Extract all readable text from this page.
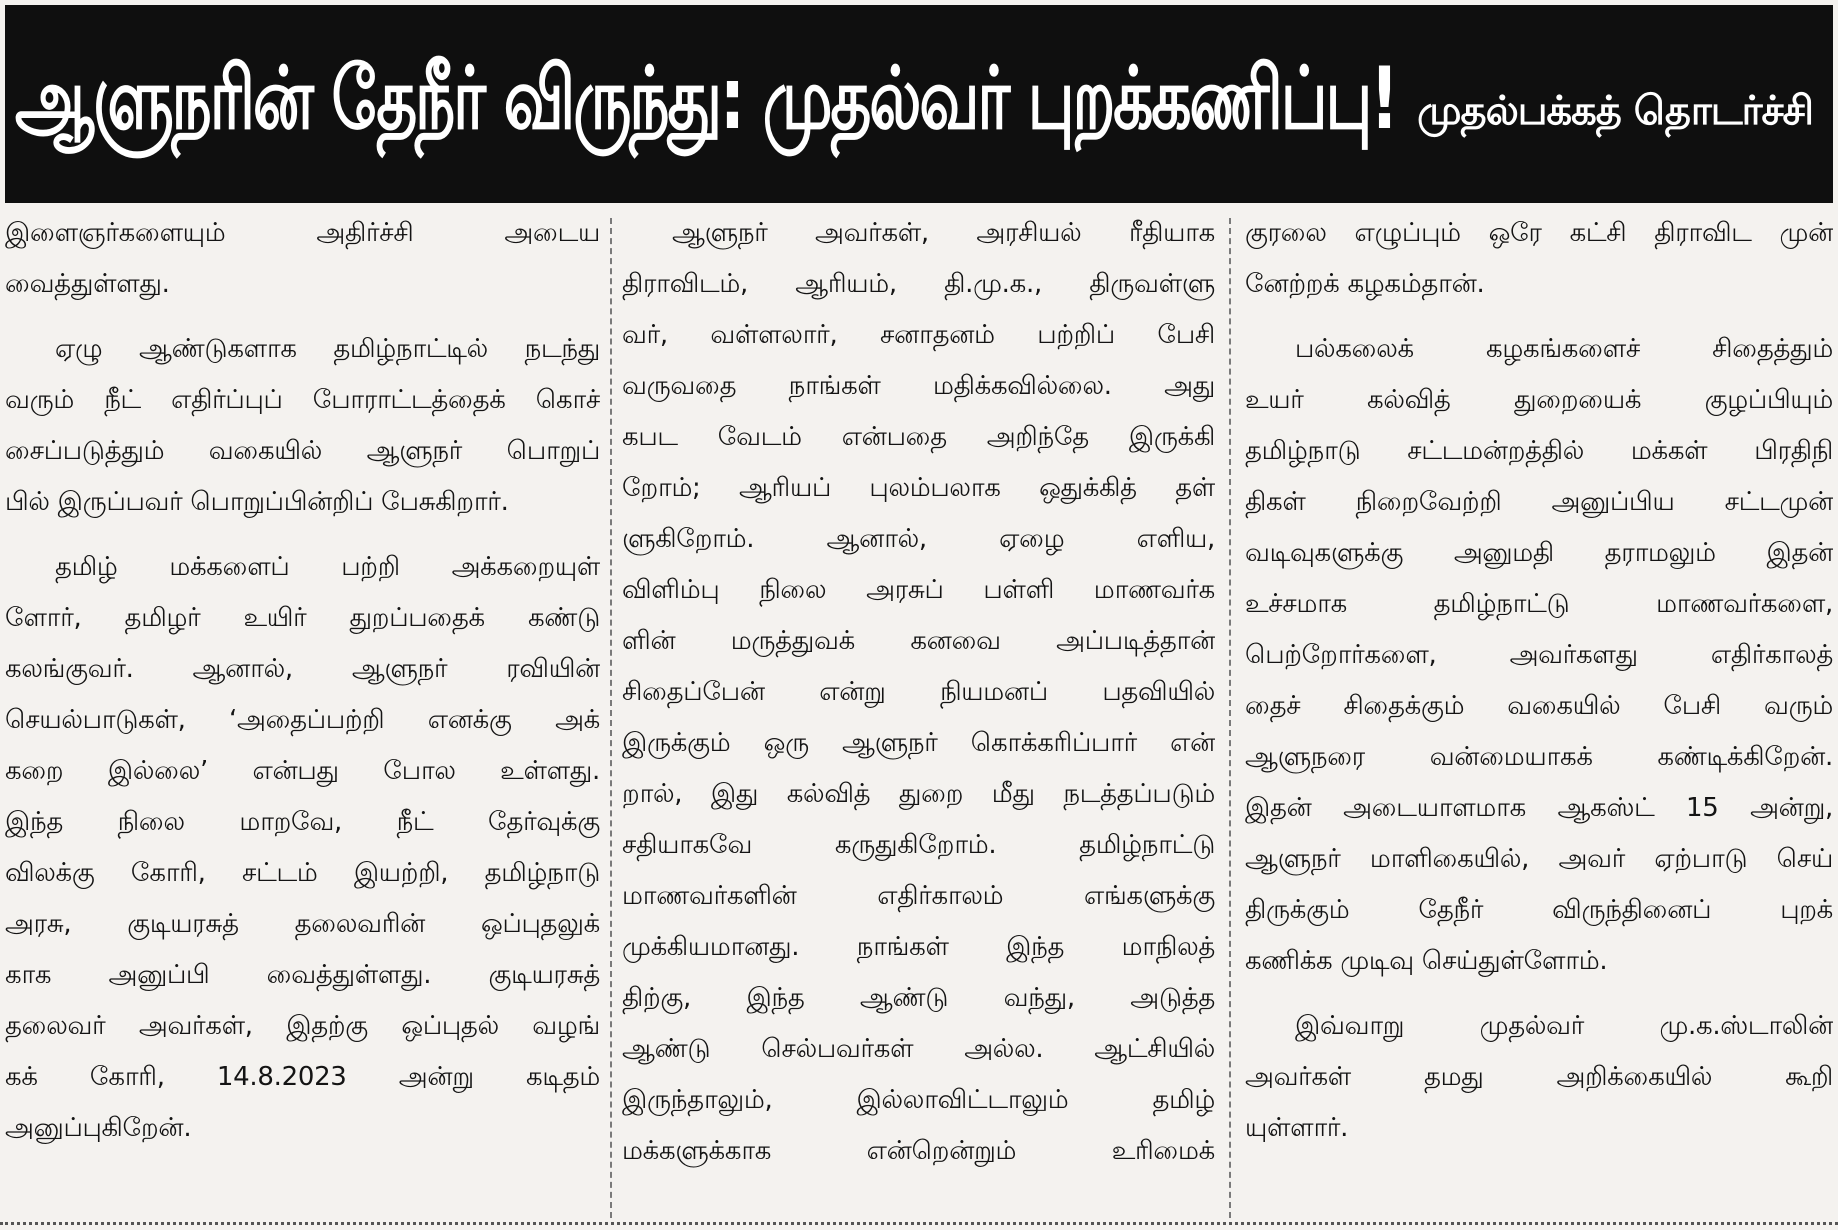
ஆளுநரின் தேநீர் விருந்து: முதல்வர் புறக்கணிப்பு! முதல்பக்கத் தொடர்ச்சி
இளைஞர்களையும் அதிர்ச்சி அடைய
வைத்துள்ளது.
ஏழு ஆண்டுகளாக தமிழ்நாட்டில் நடந்து
வரும் நீட் எதிர்ப்புப் போராட்டத்தைக் கொச்
சைப்படுத்தும் வகையில் ஆளுநர் பொறுப்
பில் இருப்பவர் பொறுப்பின்றிப் பேசுகிறார்.
தமிழ் மக்களைப் பற்றி அக்கறையுள்
ளோர், தமிழர் உயிர் துறப்பதைக் கண்டு
கலங்குவர். ஆனால், ஆளுநர் ரவியின்
செயல்பாடுகள், ‘அதைப்பற்றி எனக்கு அக்
கறை இல்லை’ என்பது போல உள்ளது.
இந்த நிலை மாறவே, நீட் தேர்வுக்கு
விலக்கு கோரி, சட்டம் இயற்றி, தமிழ்நாடு
அரசு, குடியரசுத் தலைவரின் ஒப்புதலுக்
காக அனுப்பி வைத்துள்ளது. குடியரசுத்
தலைவர் அவர்கள், இதற்கு ஒப்புதல் வழங்
கக் கோரி, 14.8.2023 அன்று கடிதம்
அனுப்புகிறேன்.
ஆளுநர் அவர்கள், அரசியல் ரீதியாக
திராவிடம், ஆரியம், தி.மு.க., திருவள்ளு
வர், வள்ளலார், சனாதனம் பற்றிப் பேசி
வருவதை நாங்கள் மதிக்கவில்லை. அது
கபட வேடம் என்பதை அறிந்தே இருக்கி
றோம்; ஆரியப் புலம்பலாக ஒதுக்கித் தள்
ளுகிறோம். ஆனால், ஏழை எளிய,
விளிம்பு நிலை அரசுப் பள்ளி மாணவர்க
ளின் மருத்துவக் கனவை அப்படித்தான்
சிதைப்பேன் என்று நியமனப் பதவியில்
இருக்கும் ஒரு ஆளுநர் கொக்கரிப்பார் என்
றால், இது கல்வித் துறை மீது நடத்தப்படும்
சதியாகவே கருதுகிறோம். தமிழ்நாட்டு
மாணவர்களின் எதிர்காலம் எங்களுக்கு
முக்கியமானது. நாங்கள் இந்த மாநிலத்
திற்கு, இந்த ஆண்டு வந்து, அடுத்த
ஆண்டு செல்பவர்கள் அல்ல. ஆட்சியில்
இருந்தாலும், இல்லாவிட்டாலும் தமிழ்
மக்களுக்காக என்றென்றும் உரிமைக்
குரலை எழுப்பும் ஒரே கட்சி திராவிட முன்
னேற்றக் கழகம்தான்.
பல்கலைக் கழகங்களைச் சிதைத்தும்
உயர் கல்வித் துறையைக் குழப்பியும்
தமிழ்நாடு சட்டமன்றத்தில் மக்கள் பிரதிநி
திகள் நிறைவேற்றி அனுப்பிய சட்டமுன்
வடிவுகளுக்கு அனுமதி தராமலும் இதன்
உச்சமாக தமிழ்நாட்டு மாணவர்களை,
பெற்றோர்களை, அவர்களது எதிர்காலத்
தைச் சிதைக்கும் வகையில் பேசி வரும்
ஆளுநரை வன்மையாகக் கண்டிக்கிறேன்.
இதன் அடையாளமாக ஆகஸ்ட் 15 அன்று,
ஆளுநர் மாளிகையில், அவர் ஏற்பாடு செய்
திருக்கும் தேநீர் விருந்தினைப் புறக்
கணிக்க முடிவு செய்துள்ளோம்.
இவ்வாறு முதல்வர் மு.க.ஸ்டாலின்
அவர்கள் தமது அறிக்கையில் கூறி
யுள்ளார்.
